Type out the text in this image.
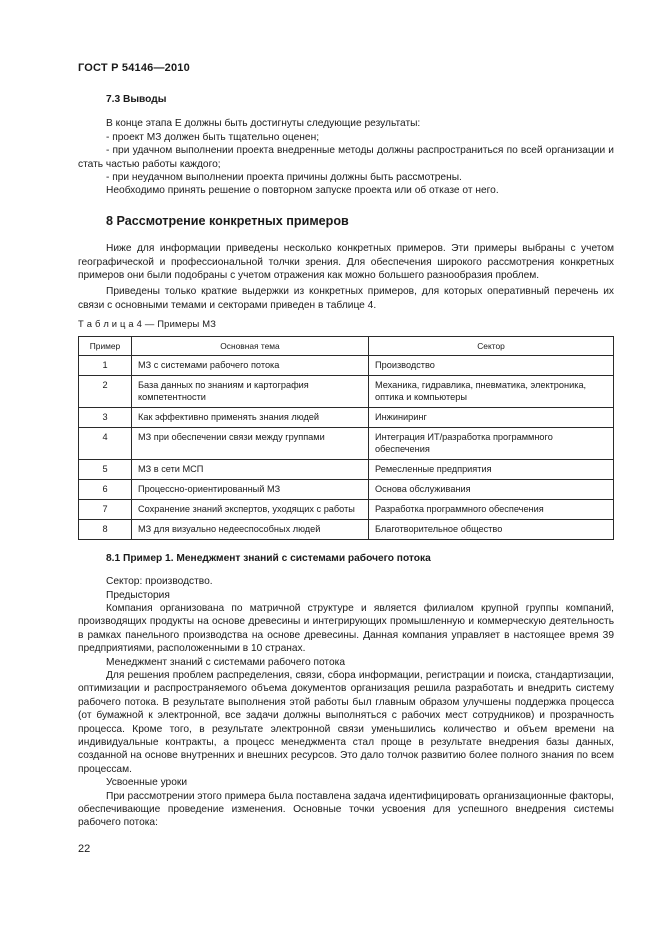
ГОСТ Р 54146—2010
7.3 Выводы

В конце этапа Е должны быть достигнуты следующие результаты:

- проект МЗ должен быть тщательно оценен;

- при удачном выполнении проекта внедренные методы должны распространиться по всей организации и стать частью работы каждого;

- при неудачном выполнении проекта причины должны быть рассмотрены.

Необходимо принять решение о повторном запуске проекта или об отказе от него.

8 Рассмотрение конкретных примеров

Ниже для информации приведены несколько конкретных примеров. Эти примеры выбраны с учетом географической и профессиональной толчки зрения. Для обеспечения широкого рассмотрения конкретных примеров они были подобраны с учетом отражения как можно большего разнообразия проблем.

Приведены только краткие выдержки из конкретных примеров, для которых оперативный перечень их связи с основными темами и секторами приведен в таблице 4.

Т а б л и ц а 4 — Примеры МЗ
Пример	Основная тема	Сектор
1	МЗ с системами рабочего потока	Производство
2	База данных по знаниям и картография компетентности	Механика, гидравлика, пневматика, электроника, оптика и компьютеры
3	Как эффективно применять знания людей	Инжиниринг
4	МЗ при обеспечении связи между группами	Интеграция ИТ/разработка программного обеспечения
5	МЗ в сети МСП	Ремесленные предприятия
6	Процессно-ориентированный МЗ	Основа обслуживания
7	Сохранение знаний экспертов, уходящих с работы	Разработка программного обеспечения
8	МЗ для визуально недееспособных людей	Благотворительное общество
8.1 Пример 1. Менеджмент знаний с системами рабочего потока

Сектор: производство.

Предыстория

Компания организована по матричной структуре и является филиалом крупной группы компаний, производящих продукты на основе древесины и интегрирующих промышленную и коммерческую деятельность в рамках панельного производства на основе древесины. Данная компания управляет в настоящее время 39 предприятиями, расположенными в 10 странах.

Менеджмент знаний с системами рабочего потока

Для решения проблем распределения, связи, сбора информации, регистрации и поиска, стандартизации, оптимизации и распространяемого объема документов организация решила разработать и внедрить систему рабочего потока. В результате выполнения этой работы был главным образом улучшены поддержка процесса (от бумажной к электронной, все задачи должны выполняться с рабочих мест сотрудников) и прозрачность процесса. Кроме того, в результате электронной связи уменьшились количество и объем времени на индивидуальные контракты, а процесс менеджмента стал проще в результате внедрения базы данных, созданной на основе внутренних и внешних ресурсов. Это дало толчок развитию более полного знания по всем процессам.

Усвоенные уроки

При рассмотрении этого примера была поставлена задача идентифицировать организационные факторы, обеспечивающие проведение изменения. Основные точки усвоения для успешного внедрения системы рабочего потока:

22
